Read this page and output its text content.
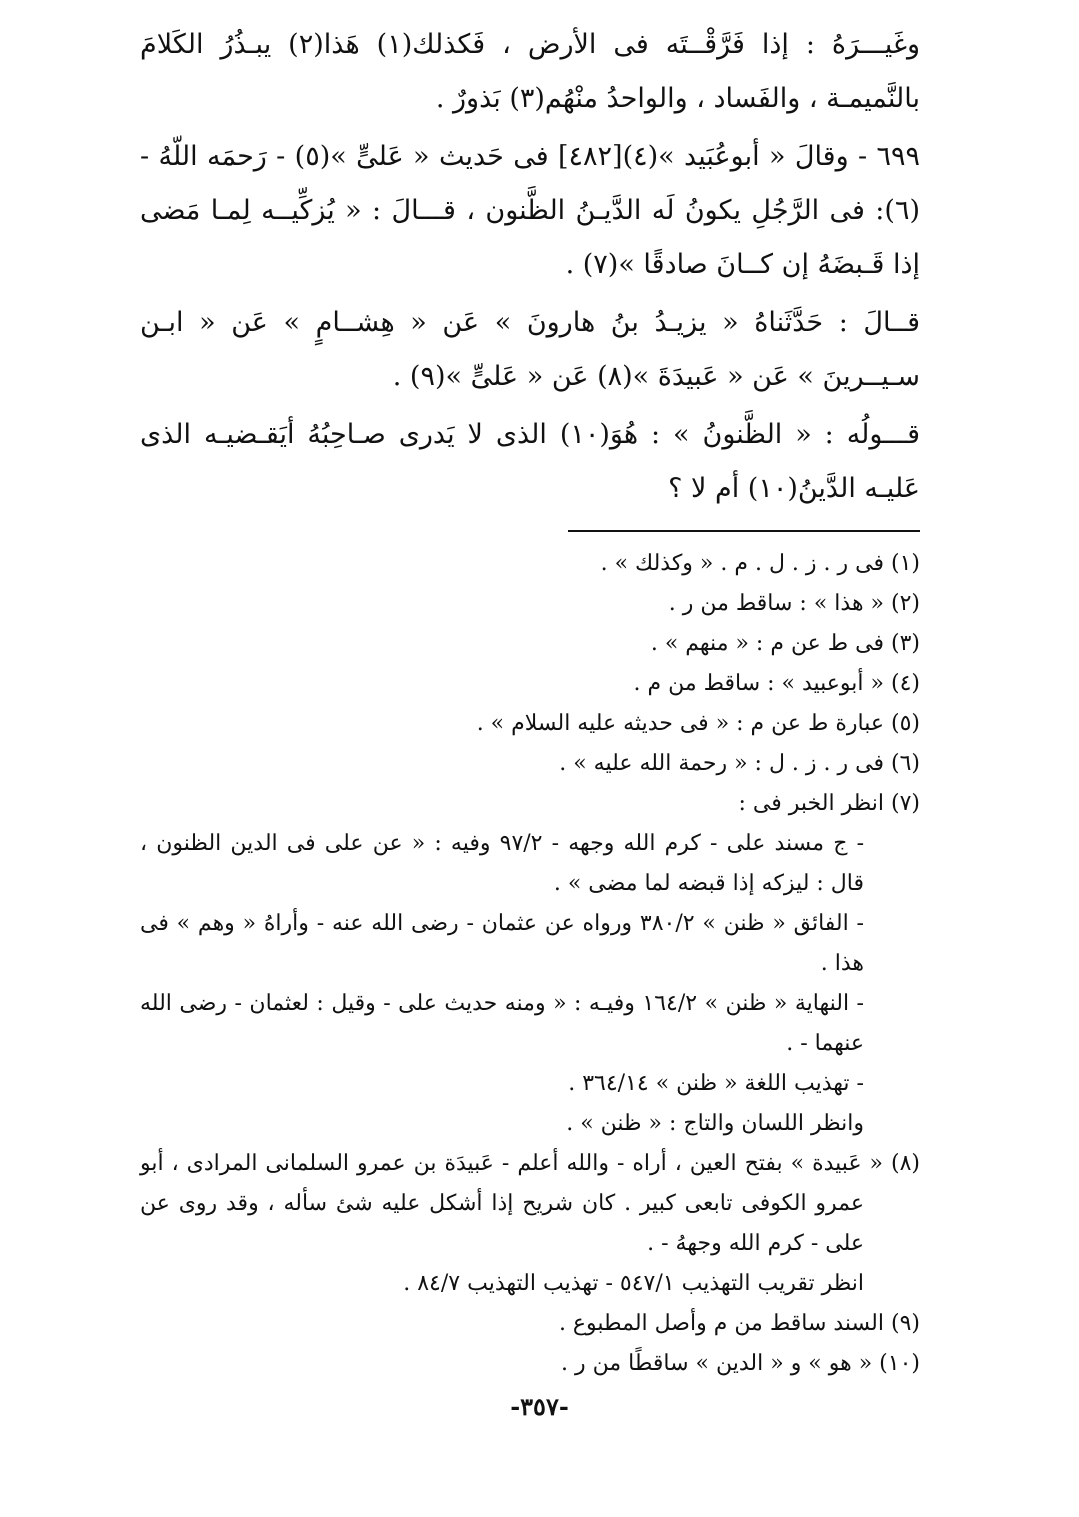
وغَيـــرَهُ : إذا فَرَّقْــتَه فى الأرض ، فَكذلك(١) هَذا(٢) يبـذُرُ الكَلامَ بالنَّميمـة ، والفَساد ، والواحدُ منْهُم(٣) بَذورٌ .

٦٩٩ - وقالَ « أبوعُبَيد »(٤)[٤٨٢] فى حَديث « عَلىٍّ »(٥) - رَحمَه اللّهُ -(٦): فى الرَّجُلِ يكونُ لَه الدَّيـنُ الظَّنون ، قـــالَ : « يُزكِّيــه لِمـا مَضى إذا قَـبضَهُ إن كــانَ صادقًا »(٧) .

قــالَ : حَدَّثَناهُ « يزيـدُ بنُ هارونَ » عَن « هِشــامٍ » عَن « ابـن سـيــرينَ » عَن « عَبيدَةَ »(٨) عَن « عَلىٍّ »(٩) .

قـــولُه : « الظَّنونُ » : هُوَ(١٠) الذى لا يَدرى صـاحِبُهُ أيَقـضيـه الذى عَليـه الدَّينُ(١٠) أم لا ؟

(١) فى ر . ز . ل . م . « وكذلك » .

(٢) « هذا » : ساقط من ر .

(٣) فى ط عن م : « منهم » .

(٤) « أبوعبيد » : ساقط من م .

(٥) عبارة ط عن م : « فى حديثه عليه السلام » .

(٦) فى ر . ز . ل : « رحمة الله عليه » .

(٧) انظر الخبر فى :

- ج مسند على - كرم الله وجهه - ٩٧/٢ وفيه : « عن على فى الدين الظنون ، قال : ليزكه إذا قبضه لما مضى » .

- الفائق « ظنن » ٣٨٠/٢ ورواه عن عثمان - رضى الله عنه - وأراهُ « وهم » فى هذا .

- النهاية « ظنن » ١٦٤/٢ وفيـه : « ومنه حديث على - وقيل : لعثمان - رضى الله عنهما - .

- تهذيب اللغة « ظنن » ٣٦٤/١٤ .

وانظر اللسان والتاج : « ظنن » .

(٨) « عَبيدة » بفتح العين ، أراه - والله أعلم - عَبيدَة بن عمرو السلمانى المرادى ، أبو عمرو الكوفى تابعى كبير . كان شريح إذا أشكل عليه شئ سأله ، وقد روى عن على - كرم الله وجههُ - .

انظر تقريب التهذيب ٥٤٧/١ - تهذيب التهذيب ٨٤/٧ .

(٩) السند ساقط من م وأصل المطبوع .

(١٠) « هو » و « الدين » ساقطًا من ر .

-٣٥٧-
